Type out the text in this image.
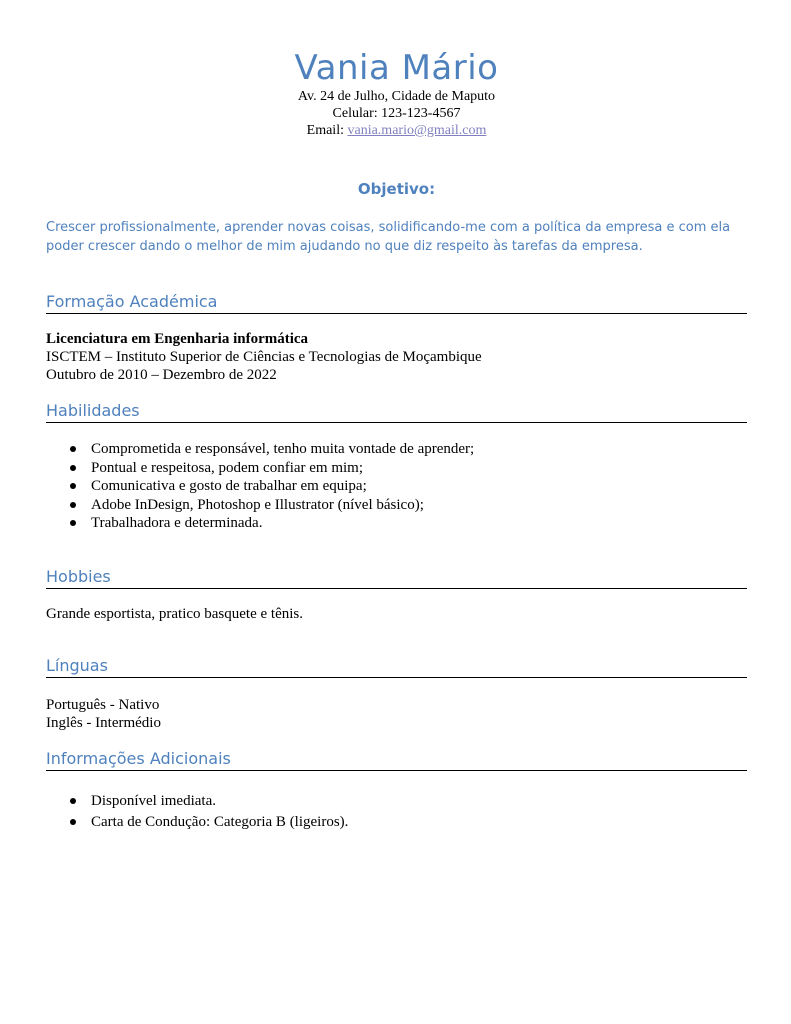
Vania Mário
Av. 24 de Julho, Cidade de Maputo
Celular: 123-123-4567
Email: vania.mario@gmail.com
Objetivo:
Crescer profissionalmente, aprender novas coisas, solidificando-me com a política da empresa e com ela
poder crescer dando o melhor de mim ajudando no que diz respeito às tarefas da empresa.
Formação Académica
Licenciatura em Engenharia informática
ISCTEM – Instituto Superior de Ciências e Tecnologias de Moçambique
Outubro de 2010 – Dezembro de 2022
Habilidades
Comprometida e responsável, tenho muita vontade de aprender;
Pontual e respeitosa, podem confiar em mim;
Comunicativa e gosto de trabalhar em equipa;
Adobe InDesign, Photoshop e Illustrator (nível básico);
Trabalhadora e determinada.
Hobbies
Grande esportista, pratico basquete e tênis.
Línguas
Português - Nativo
Inglês - Intermédio
Informações Adicionais
Disponível imediata.
Carta de Condução: Categoria B (ligeiros).
